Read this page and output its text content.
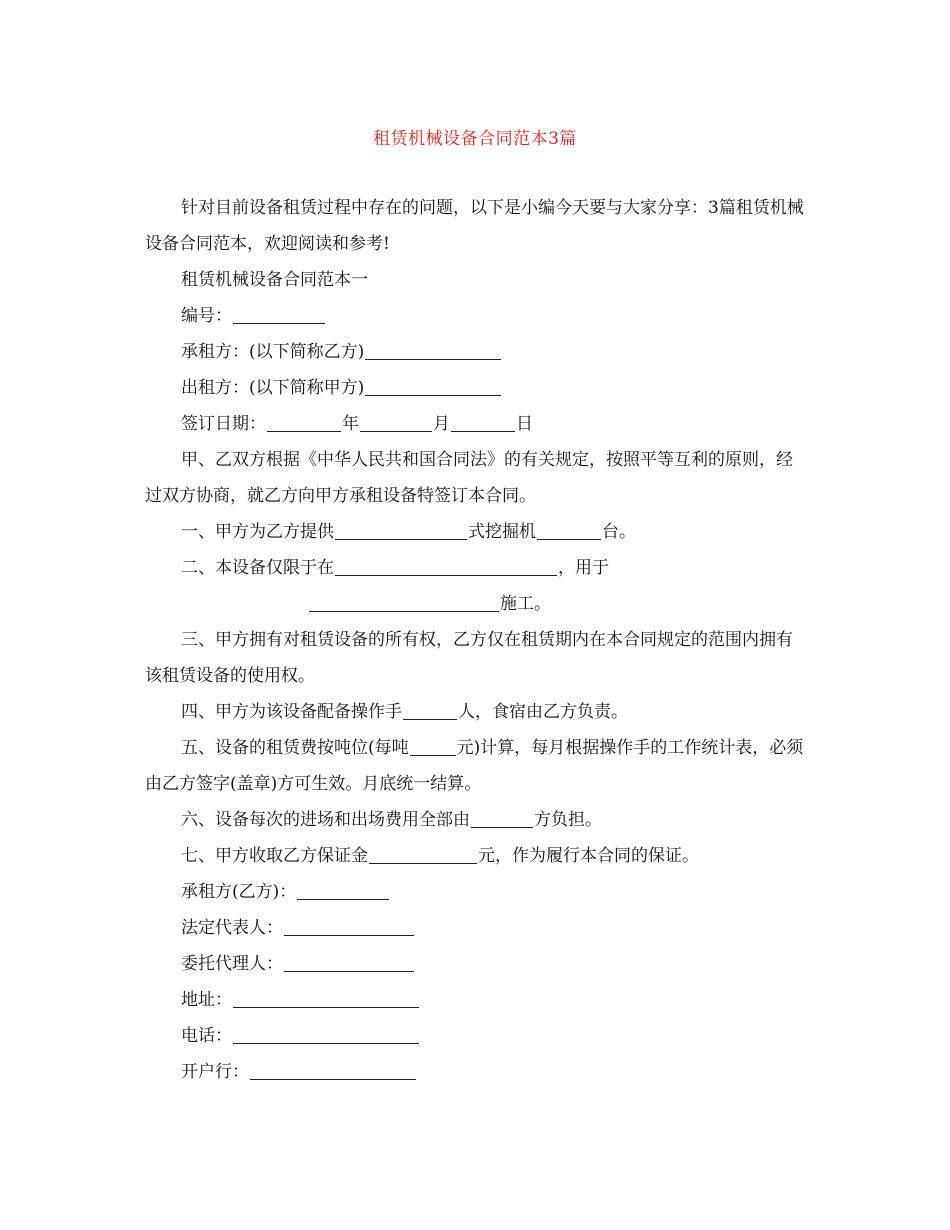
租赁机械设备合同范本3篇

针对目前设备租赁过程中存在的问题，以下是小编今天要与大家分享：3篇租赁机械设备合同范本，欢迎阅读和参考!

租赁机械设备合同范本一

编号：

承租方：(以下简称乙方)

出租方：(以下简称甲方)

签订日期：	年	月	日

甲、乙双方根据《中华人民共和国合同法》的有关规定，按照平等互利的原则，经过双方协商，就乙方向甲方承租设备特签订本合同。

一、甲方为乙方提供	式挖掘机	台。

二、本设备仅限于在	，用于施工。

三、甲方拥有对租赁设备的所有权，乙方仅在租赁期内在本合同规定的范围内拥有该租赁设备的使用权。

四、甲方为该设备配备操作手	人，食宿由乙方负责。

五、设备的租赁费按吨位(每吨	元)计算，每月根据操作手的工作统计表，必须由乙方签字(盖章)方可生效。月底统一结算。

六、设备每次的进场和出场费用全部由	方负担。

七、甲方收取乙方保证金	元，作为履行本合同的保证。

承租方(乙方)：

法定代表人：

委托代理人：

地址：

电话：

开户行：
